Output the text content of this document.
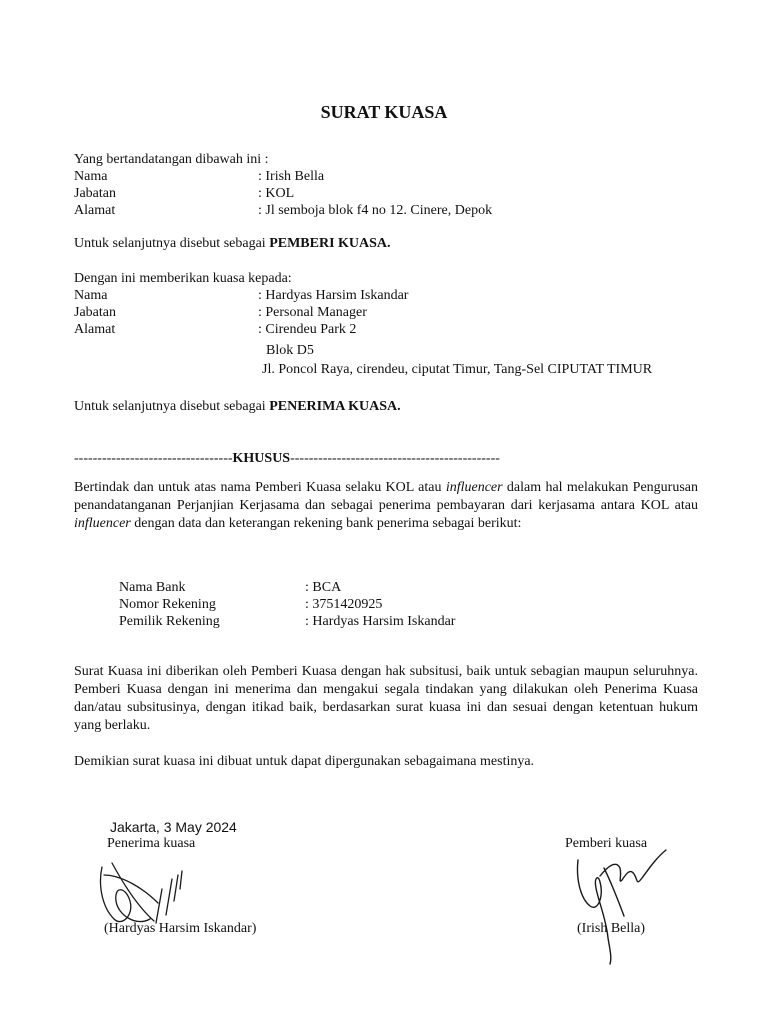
SURAT KUASA
Yang bertandatangan dibawah ini :
Nama	: Irish Bella
Jabatan	: KOL
Alamat	: Jl semboja blok f4 no 12. Cinere, Depok
Untuk selanjutnya disebut sebagai PEMBERI KUASA.
Dengan ini memberikan kuasa kepada:
Nama	: Hardyas Harsim Iskandar
Jabatan	: Personal Manager
Alamat	: Cirendeu Park 2
Blok D5
Jl. Poncol Raya, cirendeu, ciputat Timur, Tang-Sel CIPUTAT TIMUR
Untuk selanjutnya disebut sebagai PENERIMA KUASA.
----------------------------------KHUSUS---------------------------------------------
Bertindak dan untuk atas nama Pemberi Kuasa selaku KOL atau influencer dalam hal melakukan Pengurusan penandatanganan Perjanjian Kerjasama dan sebagai penerima pembayaran dari kerjasama antara KOL atau influencer dengan data dan keterangan rekening bank penerima sebagai berikut:
Nama Bank	: BCA
Nomor Rekening	: 3751420925
Pemilik Rekening	: Hardyas Harsim Iskandar
Surat Kuasa ini diberikan oleh Pemberi Kuasa dengan hak subsitusi, baik untuk sebagian maupun seluruhnya. Pemberi Kuasa dengan ini menerima dan mengakui segala tindakan yang dilakukan oleh Penerima Kuasa dan/atau subsitusinya, dengan itikad baik, berdasarkan surat kuasa ini dan sesuai dengan ketentuan hukum yang berlaku.
Demikian surat kuasa ini dibuat untuk dapat dipergunakan sebagaimana mestinya.
Jakarta, 3 May 2024
Penerima kuasa	Pemberi kuasa
(Hardyas Harsim Iskandar)	(Irish Bella)
